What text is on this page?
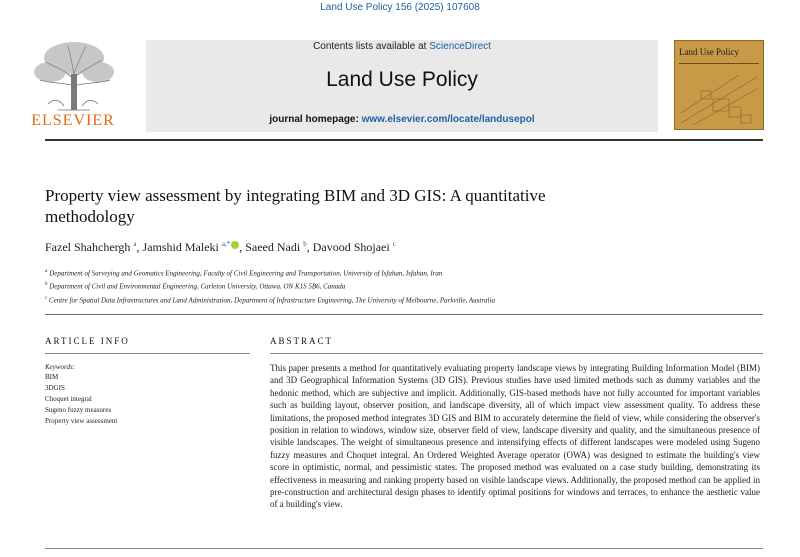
Land Use Policy 156 (2025) 107608
ELSEVIER
Contents lists available at ScienceDirect
Land Use Policy
journal homepage: www.elsevier.com/locate/landusepol
Land Use Policy
Property view assessment by integrating BIM and 3D GIS: A quantitative methodology
Fazel Shahchergh $^a$, Jamshid Maleki $^{a,*}$ , Saeed Nadi $^b$, Davood Shojaei $^c$
$^a$ Department of Surveying and Geomatics Engineering, Faculty of Civil Engineering and Transportation, University of Isfahan, Isfahan, Iran
$^b$ Department of Civil and Environmental Engineering, Carleton University, Ottawa, ON K1S 5B6, Canada
$^c$ Centre for Spatial Data Infrastructures and Land Administration, Department of Infrastructure Engineering, The University of Melbourne, Parkville, Australia
ARTICLE INFO
Keywords:
BIM
3DGIS
Choquet integral
Sugeno fuzzy measures
Property view assessment
ABSTRACT
This paper presents a method for quantitatively evaluating property landscape views by integrating Building Information Model (BIM) and 3D Geographical Information Systems (3D GIS). Previous studies have used limited methods such as dummy variables and the hedonic method, which are subjective and implicit. Additionally, GIS-based methods have not fully accounted for important variables such as building layout, observer position, and landscape diversity, all of which impact view assessment quality. To address these limitations, the proposed method integrates 3D GIS and BIM to accurately determine the field of view, while considering the observer's position in relation to windows, window size, observer field of view, landscape diversity and quality, and the simultaneous presence of visible landscapes. The weight of simultaneous presence and intensifying effects of different landscapes were modeled using Sugeno fuzzy measures and Choquet integral. An Ordered Weighted Average operator (OWA) was designed to estimate the building's view score in optimistic, normal, and pessimistic states. The proposed method was evaluated on a case study building, demonstrating its effectiveness in measuring and ranking property based on visible landscape views. Additionally, the proposed method can be applied in pre-construction and architectural design phases to identify optimal positions for windows and terraces, to enhance the aesthetic value of a building's view.
